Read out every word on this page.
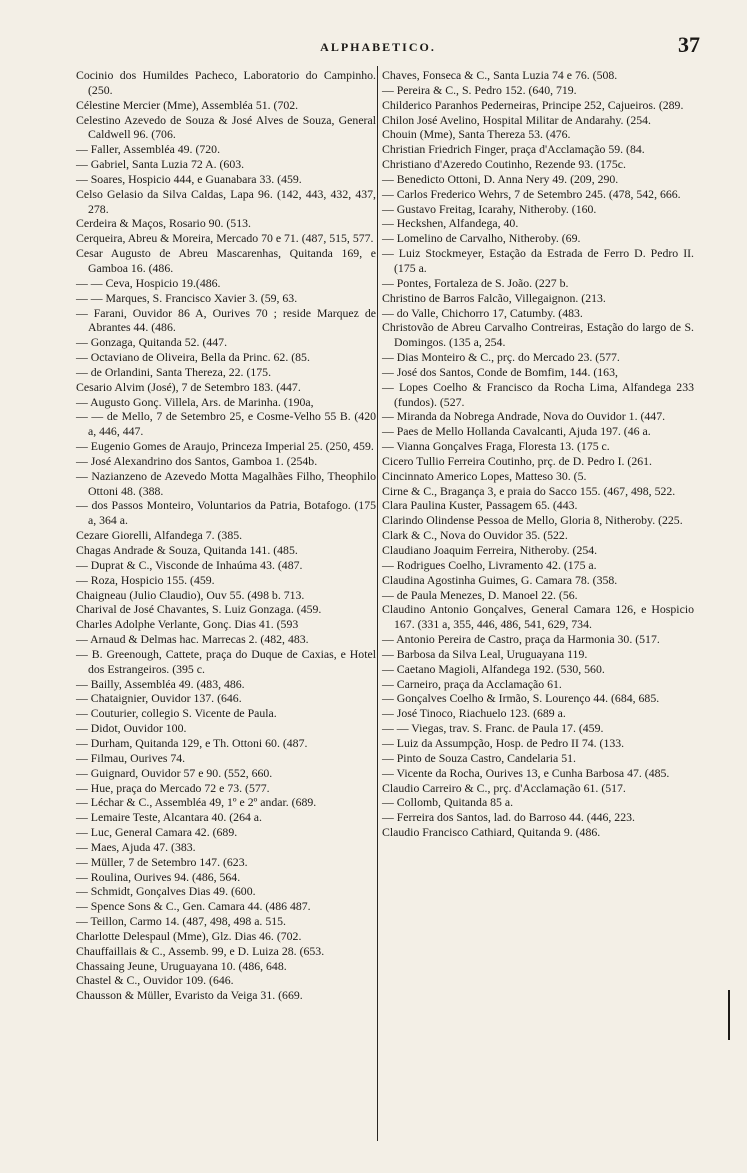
ALPHABETICO.	37
Cocinio dos Humildes Pacheco, Laboratorio do Campinho. (250.
Célestine Mercier (Mme), Assembléa 51. (702.
Celestino Azevedo de Souza & José Alves de Souza, General Caldwell 96. (706.
— Faller, Assembléa 49. (720.
— Gabriel, Santa Luzia 72 A. (603.
— Soares, Hospicio 444, e Guanabara 33. (459.
Celso Gelasio da Silva Caldas, Lapa 96. (142, 443, 432, 437, 278.
Cerdeira & Maços, Rosario 90. (513.
Cerqueira, Abreu & Moreira, Mercado 70 e 71. (487, 515, 577.
Cesar Augusto de Abreu Mascarenhas, Quitanda 169, e Gamboa 16. (486.
— — Ceva, Hospicio 19.(486.
— — Marques, S. Francisco Xavier 3. (59, 63.
— Farani, Ouvidor 86 A, Ourives 70 ; reside Marquez de Abrantes 44. (486.
— Gonzaga, Quitanda 52. (447.
— Octaviano de Oliveira, Bella da Princ. 62. (85.
— de Orlandini, Santa Thereza, 22. (175.
Cesario Alvim (José), 7 de Setembro 183. (447.
— Augusto Gonç. Villela, Ars. de Marinha. (190a,
— — de Mello, 7 de Setembro 25, e Cosme-Velho 55 B. (420 a, 446, 447.
— Eugenio Gomes de Araujo, Princeza Imperial 25. (250, 459.
— José Alexandrino dos Santos, Gamboa 1. (254b.
— Nazianzeno de Azevedo Motta Magalhães Filho, Theophilo Ottoni 48. (388.
— dos Passos Monteiro, Voluntarios da Patria, Botafogo. (175 a, 364 a.
Cezare Giorelli, Alfandega 7. (385.
Chagas Andrade & Souza, Quitanda 141. (485.
— Duprat & C., Visconde de Inhaúma 43. (487.
— Roza, Hospicio 155. (459.
Chaigneau (Julio Claudio), Ouv 55. (498 b. 713.
Charival de José Chavantes, S. Luiz Gonzaga. (459.
Charles Adolphe Verlante, Gonç. Dias 41. (593
— Arnaud & Delmas hac. Marrecas 2. (482, 483.
— B. Greenough, Cattete, praça do Duque de Caxias, e Hotel dos Estrangeiros. (395 c.
— Bailly, Assembléa 49. (483, 486.
— Chataignier, Ouvidor 137. (646.
— Couturier, collegio S. Vicente de Paula.
— Didot, Ouvidor 100.
— Durham, Quitanda 129, e Th. Ottoni 60. (487.
— Filmau, Ourives 74.
— Guignard, Ouvidor 57 e 90. (552, 660.
— Hue, praça do Mercado 72 e 73. (577.
— Léchar & C., Assembléa 49, 1º e 2º andar. (689.
— Lemaire Teste, Alcantara 40. (264 a.
— Luc, General Camara 42. (689.
— Maes, Ajuda 47. (383.
— Müller, 7 de Setembro 147. (623.
— Roulina, Ourives 94. (486, 564.
— Schmidt, Gonçalves Dias 49. (600.
— Spence Sons & C., Gen. Camara 44. (486 487.
— Teillon, Carmo 14. (487, 498, 498 a. 515.
Charlotte Delespaul (Mme), Glz. Dias 46. (702.
Chauffaillais & C., Assemb. 99, e D. Luiza 28. (653.
Chassaing Jeune, Uruguayana 10. (486, 648.
Chastel & C., Ouvidor 109. (646.
Chausson & Müller, Evaristo da Veiga 31. (669.
Chaves, Fonseca & C., Santa Luzia 74 e 76. (508.
— Pereira & C., S. Pedro 152. (640, 719.
Childerico Paranhos Pederneiras, Principe 252, Cajueiros. (289.
Chilon José Avelino, Hospital Militar de Andarahy. (254.
Chouin (Mme), Santa Thereza 53. (476.
Christian Friedrich Finger, praça d'Acclamação 59. (84.
Christiano d'Azeredo Coutinho, Rezende 93. (175c.
— Benedicto Ottoni, D. Anna Nery 49. (209, 290.
— Carlos Frederico Wehrs, 7 de Setembro 245. (478, 542, 666.
— Gustavo Freitag, Icarahy, Nitheroby. (160.
— Heckshen, Alfandega, 40.
— Lomelino de Carvalho, Nitheroby. (69.
— Luiz Stockmeyer, Estação da Estrada de Ferro D. Pedro II. (175 a.
— Pontes, Fortaleza de S. João. (227 b.
Christino de Barros Falcão, Villegaignon. (213.
— do Valle, Chichorro 17, Catumby. (483.
Christovão de Abreu Carvalho Contreiras, Estação do largo de S. Domingos. (135 a, 254.
— Dias Monteiro & C., prç. do Mercado 23. (577.
— José dos Santos, Conde de Bomfim, 144. (163,
— Lopes Coelho & Francisco da Rocha Lima, Alfandega 233 (fundos). (527.
— Miranda da Nobrega Andrade, Nova do Ouvidor 1. (447.
— Paes de Mello Hollanda Cavalcanti, Ajuda 197. (46 a.
— Vianna Gonçalves Fraga, Floresta 13. (175 c.
Cicero Tullio Ferreira Coutinho, prç. de D. Pedro I. (261.
Cincinnato Americo Lopes, Matteso 30. (5.
Cirne & C., Bragança 3, e praia do Sacco 155. (467, 498, 522.
Clara Paulina Kuster, Passagem 65. (443.
Clarindo Olindense Pessoa de Mello, Gloria 8, Nitheroby. (225.
Clark & C., Nova do Ouvidor 35. (522.
Claudiano Joaquim Ferreira, Nitheroby. (254.
— Rodrigues Coelho, Livramento 42. (175 a.
Claudina Agostinha Guimes, G. Camara 78. (358.
— de Paula Menezes, D. Manoel 22. (56.
Claudino Antonio Gonçalves, General Camara 126, e Hospicio 167. (331 a, 355, 446, 486, 541, 629, 734.
— Antonio Pereira de Castro, praça da Harmonia 30. (517.
— Barbosa da Silva Leal, Uruguayana 119.
— Caetano Magioli, Alfandega 192. (530, 560.
— Carneiro, praça da Acclamação 61.
— Gonçalves Coelho & Irmão, S. Lourenço 44. (684, 685.
— José Tinoco, Riachuelo 123. (689 a.
— — Viegas, trav. S. Franc. de Paula 17. (459.
— Luiz da Assumpção, Hosp. de Pedro II 74. (133.
— Pinto de Souza Castro, Candelaria 51.
— Vicente da Rocha, Ourives 13, e Cunha Barbosa 47. (485.
Claudio Carreiro & C., prç. d'Acclamação 61. (517.
— Collomb, Quitanda 85 a.
— Ferreira dos Santos, lad. do Barroso 44. (446, 223.
Claudio Francisco Cathiard, Quitanda 9. (486.
